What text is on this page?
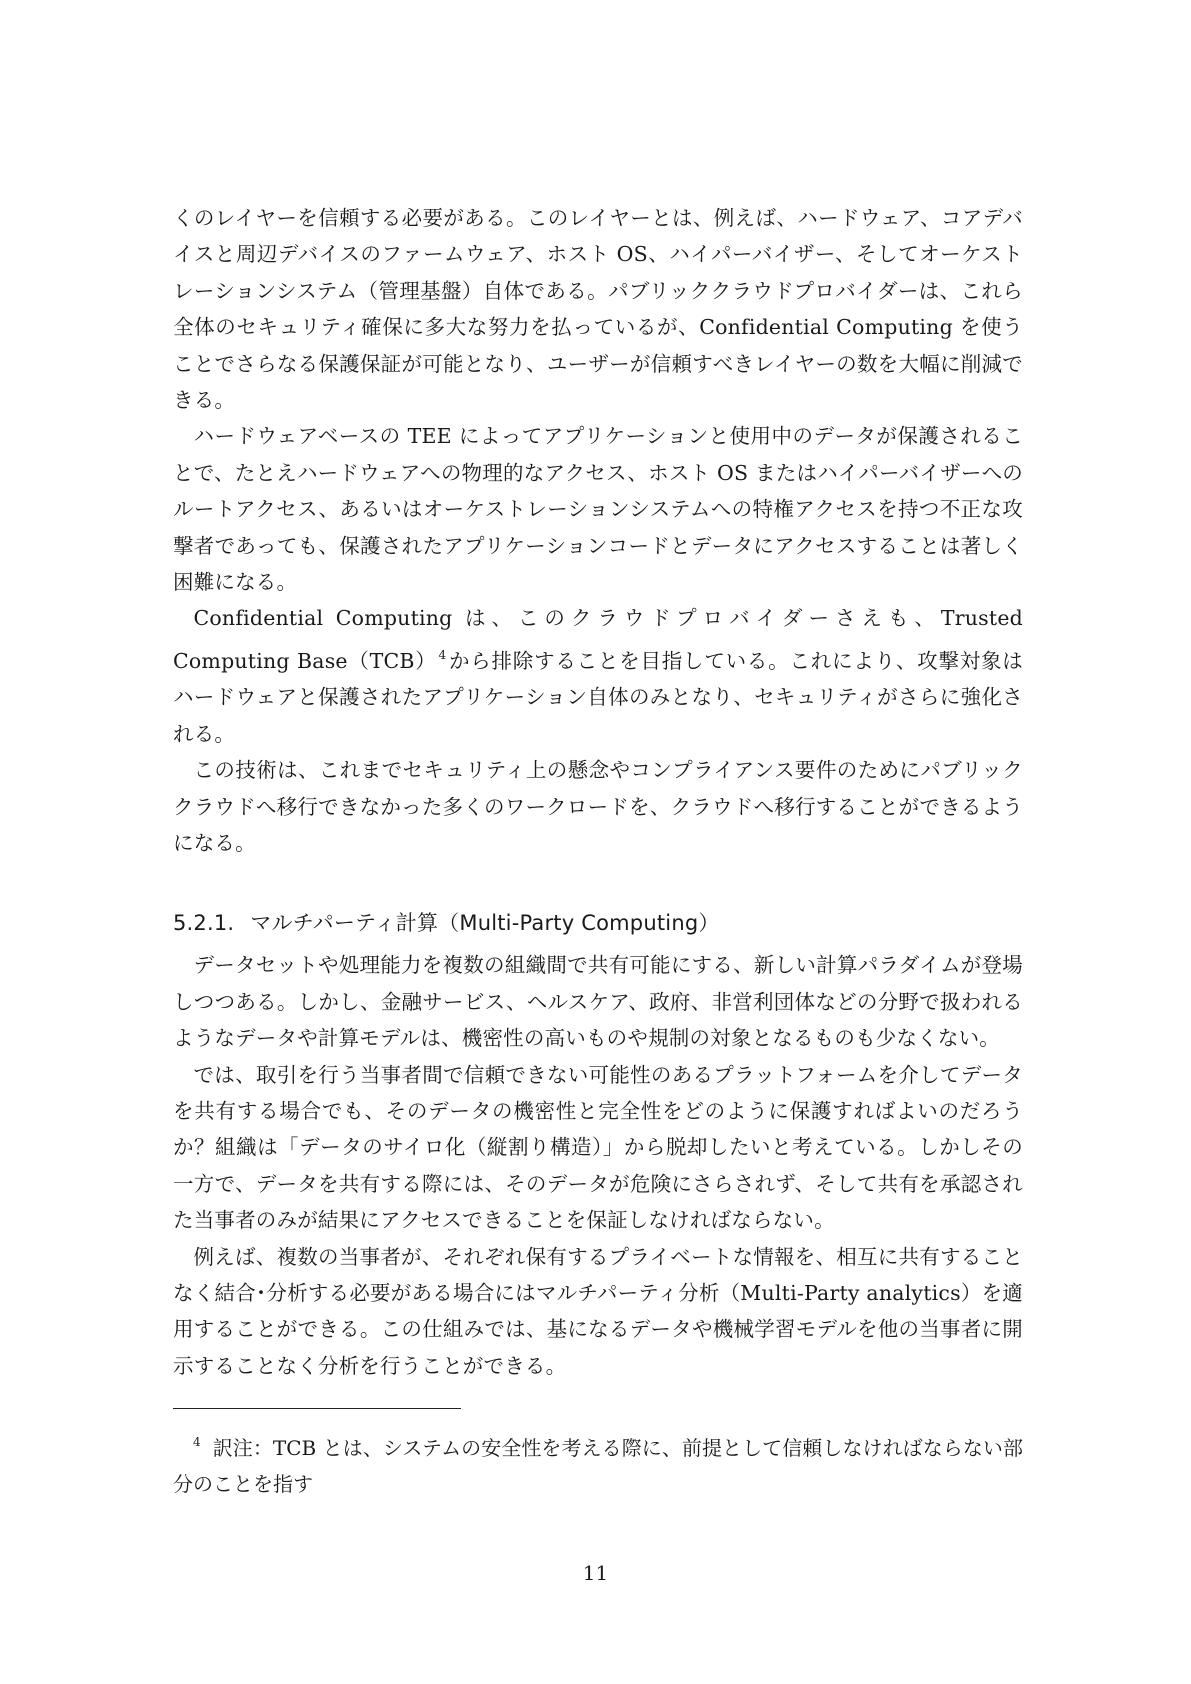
くのレイヤーを信頼する必要がある。このレイヤーとは、例えば、ハードウェア、コアデバイスと周辺デバイスのファームウェア、ホスト OS、ハイパーバイザー、そしてオーケストレーションシステム（管理基盤）自体である。パブリッククラウドプロバイダーは、これら全体のセキュリティ確保に多大な努力を払っているが、Confidential Computing を使うことでさらなる保護保証が可能となり、ユーザーが信頼すべきレイヤーの数を大幅に削減できる。

ハードウェアベースの TEE によってアプリケーションと使用中のデータが保護されることで、たとえハードウェアへの物理的なアクセス、ホスト OS またはハイパーバイザーへのルートアクセス、あるいはオーケストレーションシステムへの特権アクセスを持つ不正な攻撃者であっても、保護されたアプリケーションコードとデータにアクセスすることは著しく困難になる。

Confidential Computing は、このクラウドプロバイダーさえも、Trusted Computing Base（TCB） $^4$から排除することを目指している。これにより、攻撃対象はハードウェアと保護されたアプリケーション自体のみとなり、セキュリティがさらに強化される。

この技術は、これまでセキュリティ上の懸念やコンプライアンス要件のためにパブリッククラウドへ移行できなかった多くのワークロードを、クラウドへ移行することができるようになる。

5.2.1. マルチパーティ計算（Multi-Party Computing）

データセットや処理能力を複数の組織間で共有可能にする、新しい計算パラダイムが登場しつつある。しかし、金融サービス、ヘルスケア、政府、非営利団体などの分野で扱われるようなデータや計算モデルは、機密性の高いものや規制の対象となるものも少なくない。

では、取引を行う当事者間で信頼できない可能性のあるプラットフォームを介してデータを共有する場合でも、そのデータの機密性と完全性をどのように保護すればよいのだろうか？組織は「データのサイロ化（縦割り構造）」から脱却したいと考えている。しかしその一方で、データを共有する際には、そのデータが危険にさらされず、そして共有を承認された当事者のみが結果にアクセスできることを保証しなければならない。

例えば、複数の当事者が、それぞれ保有するプライベートな情報を、相互に共有することなく結合･分析する必要がある場合にはマルチパーティ分析（Multi-Party analytics）を適用することができる。この仕組みでは、基になるデータや機械学習モデルを他の当事者に開示することなく分析を行うことができる。

$^4$ 訳注：TCB とは、システムの安全性を考える際に、前提として信頼しなければならない部分のことを指す

11
